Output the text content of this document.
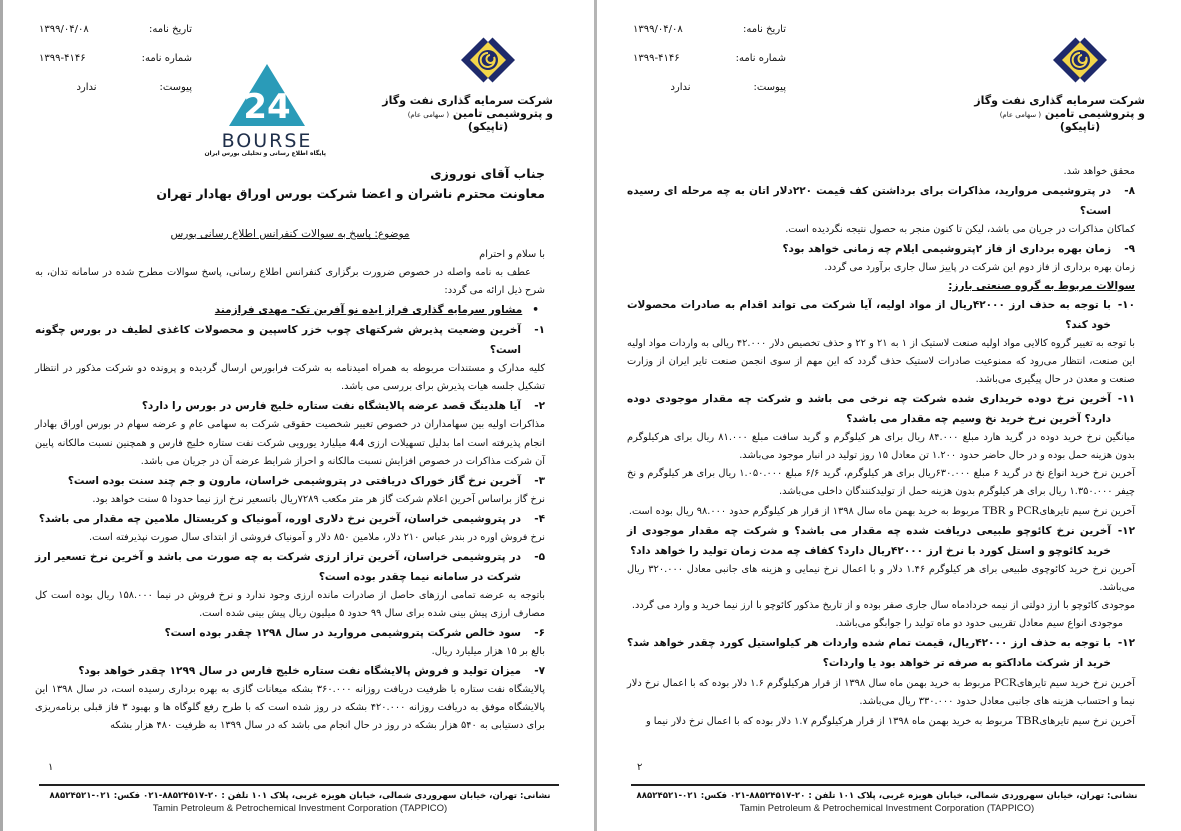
تاریخ نامه:
۱۳۹۹/۰۴/۰۸
شماره نامه:
۱۳۹۹-۴۱۴۶
پیوست:
ندارد	24
BOURSE
پایگاه اطلاع رسانی و تحلیلی بورس ایران
شرکت سرمایه گذاری نفت وگاز
و پتروشیمی تامین ( سهامی عام)
(تاپیکو)
جناب آقای نوروزی
معاونت محترم ناشران و اعضا شرکت بورس اوراق بهادار تهران
موضوع: پاسخ به سوالات کنفرانس اطلاع رسانی بورس
با سلام و احترام
عطف به نامه واصله در خصوص ضرورت برگزاری کنفرانس اطلاع رسانی، پاسخ سوالات مطرح شده در سامانه تدان، به شرح ذیل ارائه می گردد:
•مشاور سرمایه گذاری فراز ایده نو آفرین تک- مهدی فرازمند
۱-
آخرین وضعیت پذیرش شرکتهای چوب خزر کاسپین و محصولات کاغذی لطیف در بورس چگونه است؟
کلیه مدارک و مستندات مربوطه به همراه امیدنامه به شرکت فرابورس ارسال گردیده و پرونده دو شرکت مذکور در انتظار تشکیل جلسه هیات پذیرش برای بررسی می باشد.
۲-
آیا هلدینگ قصد عرضه پالایشگاه نفت ستاره خلیج فارس در بورس را دارد؟
مذاکرات اولیه بین سهامداران در خصوص تغییر شخصیت حقوقی شرکت به سهامی عام و عرضه سهام در بورس اوراق بهادار انجام پذیرفته است اما بدلیل تسهیلات ارزی 4.4 میلیارد یورویی شرکت نفت ستاره خلیج فارس و همچنین نسبت مالکانه پایین آن شرکت مذاکرات در خصوص افزایش نسبت مالکانه و احراز شرایط عرضه آن در جریان می باشد.
۳-
آخرین نرخ گاز خوراک دریافتی در پتروشیمی خراسان، مارون و جم چند سنت بوده است؟
نرخ گاز براساس آخرین اعلام شرکت گاز هر متر مکعب ۷۲۸۹ریال باتسعیر نرخ ارز نیما حدودا ۵ سنت خواهد بود.
۴-
در پتروشیمی خراسان، آخرین نرخ دلاری اوره، آمونیاک و کریستال ملامین چه مقدار می باشد؟
نرخ فروش اوره در بندر عباس ۲۱۰ دلار، ملامین ۸۵۰ دلار و آمونیاک فروشی از ابتدای سال صورت نپذیرفته است.
۵-
در پتروشیمی خراسان، آخرین تراز ارزی شرکت به چه صورت می باشد و آخرین نرخ تسعیر ارز شرکت در سامانه نیما چقدر بوده است؟
باتوجه به عرضه تمامی ارزهای حاصل از صادرات مانده ارزی وجود ندارد و نرخ فروش در نیما ۱۵۸.۰۰۰ ریال بوده است کل مصارف ارزی پیش بینی شده برای سال ۹۹ حدود ۵ میلیون ریال پیش بینی شده است.
۶-
سود خالص شرکت پتروشیمی مروارید در سال ۱۲۹۸ چقدر بوده است؟
بالغ بر ۱۵ هزار میلیارد ریال.
۷-
میزان تولید و فروش پالایشگاه نفت ستاره خلیج فارس در سال ۱۲۹۹ چقدر خواهد بود؟
پالایشگاه نفت ستاره با ظرفیت دریافت روزانه ۳۶۰.۰۰۰ بشکه میعانات گازی به بهره برداری رسیده است، در سال ۱۳۹۸ این پالایشگاه موفق به دریافت روزانه ۴۲۰.۰۰۰ بشکه در روز شده است که با طرح رفع گلوگاه ها و بهبود ۳ فاز قبلی برنامه‌ریزی برای دستیابی به ۵۴۰ هزار بشکه در روز در حال انجام می باشد که در سال ۱۳۹۹ به ظرفیت ۴۸۰ هزار بشکه
۱
نشانی: تهران، خیابان سهروردی شمالی، خیابان هویزه غربی، پلاک ۱۰۱ تلفن : ۲۰-۸۸۵۲۴۵۱۷-۰۲۱ فکس: ۰۲۱-۸۸۵۲۴۵۲۱
Tamin Petroleum & Petrochemical Investment Corporation (TAPPICO)
تاریخ نامه:
۱۳۹۹/۰۴/۰۸
شماره نامه:
۱۳۹۹-۴۱۴۶
پیوست:
ندارد
شرکت سرمایه گذاری نفت وگاز
و پتروشیمی تامین ( سهامی عام)
(تاپیکو)
محقق خواهد شد.
۸-
در پتروشیمی مروارید، مذاکرات برای برداشتن کف قیمت ۲۲۰دلار اتان به چه مرحله ای رسیده است؟
کماکان مذاکرات در جریان می باشد، لیکن تا کنون منجر به حصول نتیجه نگردیده است.
۹-
زمان بهره برداری از فاز ۲پتروشیمی ایلام چه زمانی خواهد بود؟
زمان بهره برداری از فاز دوم این شرکت در پاییز سال جاری برآورد می گردد.
سوالات مربوط به گروه صنعتی بارز:
۱۰-
با توجه به حذف ارز ۴۲۰۰۰ریال از مواد اولیه، آیا شرکت می تواند اقدام به صادرات محصولات خود کند؟
با توجه به تغییر گروه کالایی مواد اولیه صنعت لاستیک از ۱ به ۲۱ و ۲۲ و حذف تخصیص دلار ۴۲.۰۰۰ ریالی به واردات مواد اولیه این صنعت، انتظار می‌رود که ممنوعیت صادرات لاستیک حذف گردد که این مهم از سوی انجمن صنعت تایر ایران از وزارت صنعت و معدن در حال پیگیری می‌باشد.
۱۱-
آخرین نرخ دوده خریداری شده شرکت چه نرخی می باشد و شرکت چه مقدار موجودی دوده دارد؟ آخرین نرخ خرید نخ وسیم چه مقدار می باشد؟
میانگین نرخ خرید دوده در گرید هارد مبلغ ۸۴.۰۰۰ ریال برای هر کیلوگرم و گرید سافت مبلغ ۸۱.۰۰۰ ریال برای هرکیلوگرم بدون هزینه حمل بوده و در حال حاضر حدود ۱.۲۰۰ تن معادل ۱۵ روز تولید در انبار موجود می‌باشد.
آخرین نرخ خرید انواع نخ در گرید ۶ مبلغ ۶۳۰.۰۰۰ریال برای هر کیلوگرم، گرید ۶/۶ مبلغ ۱.۰۵۰.۰۰۰ ریال برای هر کیلوگرم و نخ چیفر ۱.۳۵۰.۰۰۰ ریال برای هر کیلوگرم بدون هزینه حمل از تولیدکنندگان داخلی می‌باشد.
آخرین نرخ سیم تایرهایPCR و TBR مربوط به خرید بهمن ماه سال ۱۳۹۸ از قرار هر کیلوگرم حدود ۹۸.۰۰۰ ریال بوده است.
۱۲-
آخرین نرخ کائوچو طبیعی دریافت شده چه مقدار می باشد؟ و شرکت چه مقدار موجودی از خرید کائوچو و استل کورد با نرخ ارز ۴۲۰۰۰ریال دارد؟ کفاف چه مدت زمان تولید را خواهد داد؟
آخرین نرخ خرید کائوچوی طبیعی برای هر کیلوگرم ۱.۴۶ دلار و با اعمال نرخ نیمایی و هزینه های جانبی معادل ۳۲۰.۰۰۰ ریال می‌باشد.
موجودی کائوچو با ارز دولتی از نیمه خردادماه سال جاری صفر بوده و از تاریخ مذکور کائوچو با ارز نیما خرید و وارد می گردد.
موجودی انواع سیم معادل تقریبی حدود دو ماه تولید را جوابگو می‌باشد.
۱۲-
با توجه به حذف ارز ۴۲۰۰۰ریال، قیمت تمام شده واردات هر کیلواستیل کورد چقدر خواهد شد؟ خرید از شرکت ماداکتو به صرفه تر خواهد بود یا واردات؟
آخرین نرخ خرید سیم تایرهایPCR مربوط به خرید بهمن ماه سال ۱۳۹۸ از قرار هرکیلوگرم ۱.۶ دلار بوده که با اعمال نرخ دلار نیما و احتساب هزینه های جانبی معادل حدود ۳۳۰.۰۰۰ ریال می‌باشد.
آخرین نرخ سیم تایرهایTBR مربوط به خرید بهمن ماه ۱۳۹۸ از قرار هرکیلوگرم ۱.۷ دلار بوده که با اعمال نرخ دلار نیما و
۲
نشانی: تهران، خیابان سهروردی شمالی، خیابان هویزه غربی، پلاک ۱۰۱ تلفن : ۲۰-۸۸۵۲۴۵۱۷-۰۲۱ فکس: ۰۲۱-۸۸۵۲۴۵۲۱
Tamin Petroleum & Petrochemical Investment Corporation (TAPPICO)
